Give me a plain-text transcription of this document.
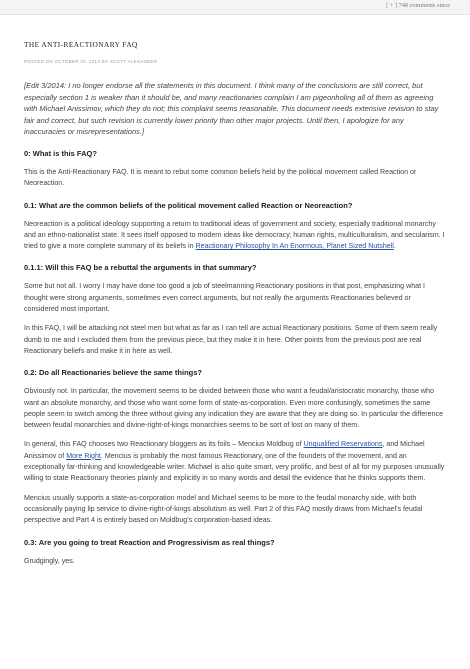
[ + ] 748 comments since
THE ANTI-REACTIONARY FAQ
POSTED ON OCTOBER 20, 2013 BY SCOTT ALEXANDER

[Edit 3/2014: I no longer endorse all the statements in this document. I think many of the conclusions are still correct, but especially section 1 is weaker than it should be, and many reactionaries complain I am pigeonholing all of them as agreeing with Michael Anissimov, which they do not; this complaint seems reasonable. This document needs extensive revision to stay fair and correct, but such revision is currently lower priority than other major projects. Until then, I apologize for any inaccuracies or misrepresentations.]

0: What is this FAQ?

This is the Anti-Reactionary FAQ. It is meant to rebut some common beliefs held by the political movement called Reaction or Neoreaction.

0.1: What are the common beliefs of the political movement called Reaction or Neoreaction?

Neoreaction is a political ideology supporting a return to traditional ideas of government and society, especially traditional monarchy and an ethno-nationalist state. It sees itself opposed to modern ideas like democracy, human rights, multiculturalism, and secularism. I tried to give a more complete summary of its beliefs in Reactionary Philosophy In An Enormous, Planet Sized Nutshell.

0.1.1: Will this FAQ be a rebuttal the arguments in that summary?

Some but not all. I worry I may have done too good a job of steelmanning Reactionary positions in that post, emphasizing what I thought were strong arguments, sometimes even correct arguments, but not really the arguments Reactionaries believed or considered most important.

In this FAQ, I will be attacking not steel men but what as far as I can tell are actual Reactionary positions. Some of them seem really dumb to me and I excluded them from the previous piece, but they make it in here. Other points from the previous post are real Reactionary beliefs and make it in here as well.

0.2: Do all Reactionaries believe the same things?

Obviously not. In particular, the movement seems to be divided between those who want a feudal/aristocratic monarchy, those who want an absolute monarchy, and those who want some form of state-as-corporation. Even more confusingly, sometimes the same people seem to switch among the three without giving any indication they are aware that they are doing so. In particular the difference between feudal monarchies and divine-right-of-kings monarchies seems to be sort of lost on many of them.

In general, this FAQ chooses two Reactionary bloggers as its foils – Mencius Moldbug of Unqualified Reservations, and Michael Anissimov of More Right. Mencius is probably the most famous Reactionary, one of the founders of the movement, and an exceptionally far-thinking and knowledgeable writer. Michael is also quite smart, very prolific, and best of all for my purposes unusually willing to state Reactionary theories plainly and explicitly in so many words and detail the evidence that he thinks supports them.

Mencius usually supports a state-as-corporation model and Michael seems to be more to the feudal monarchy side, with both occasionally paying lip service to divine-right-of-kings absolutism as well. Part 2 of this FAQ mostly draws from Michael's feudal perspective and Part 4 is entirely based on Moldbug's corporation-based ideas.

0.3: Are you going to treat Reaction and Progressivism as real things?

Grudgingly, yes.
